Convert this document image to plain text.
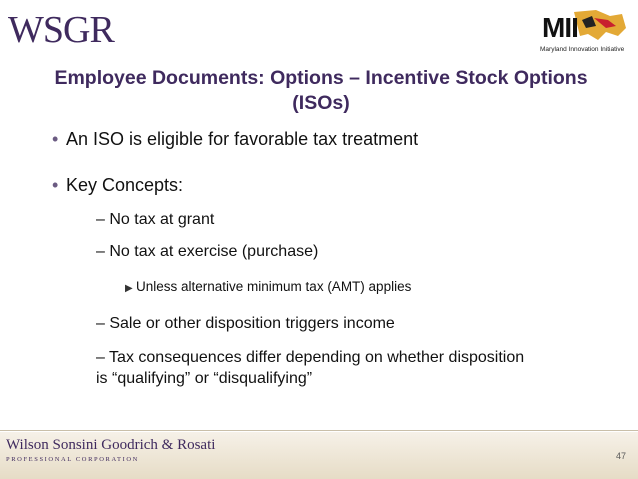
WSGR	MII
Maryland Innovation Initiative
Employee Documents: Options – Incentive Stock Options (ISOs)
• An ISO is eligible for favorable tax treatment
• Key Concepts:
– No tax at grant
– No tax at exercise (purchase)
▶ Unless alternative minimum tax (AMT) applies
– Sale or other disposition triggers income
– Tax consequences differ depending on whether disposition is “qualifying” or “disqualifying”
Wilson Sonsini Goodrich & Rosati
PROFESSIONAL CORPORATION	47
